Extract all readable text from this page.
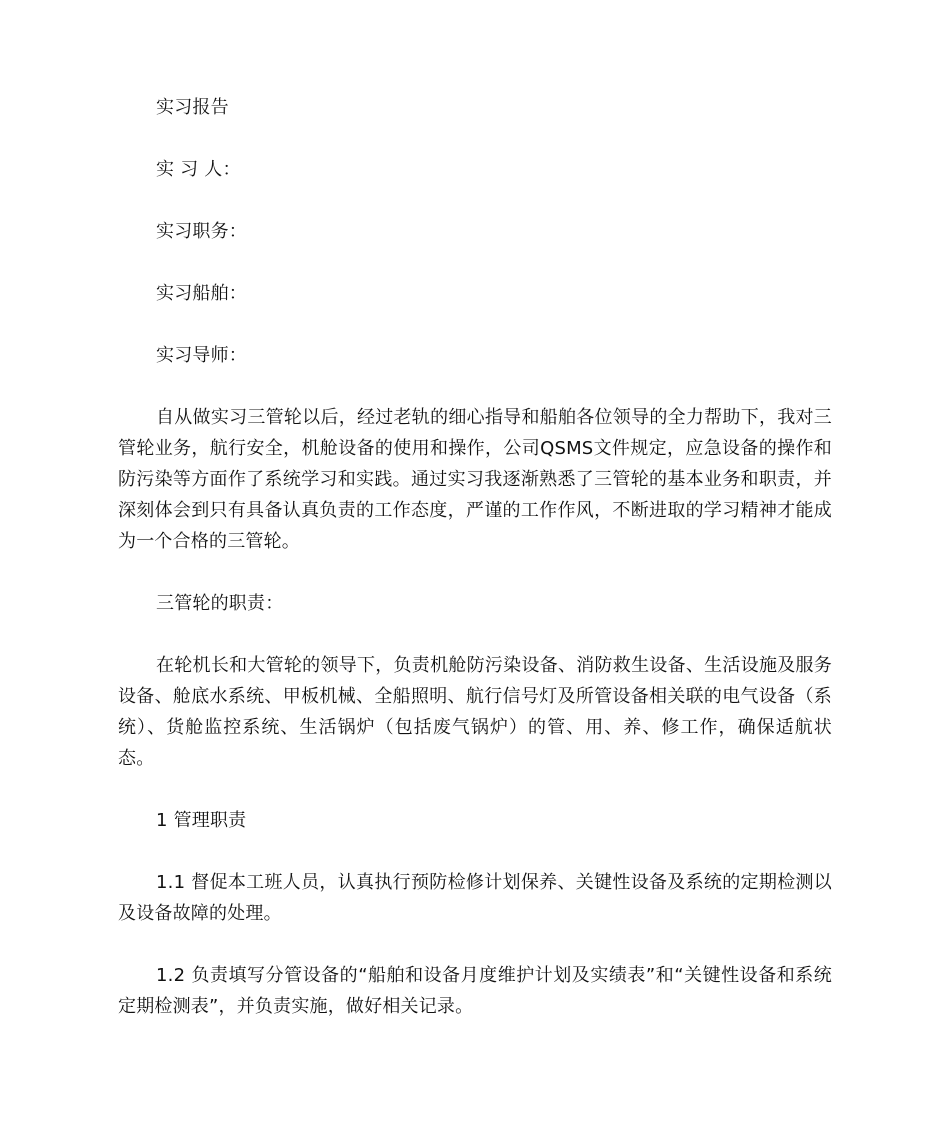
实习报告

实 习 人：

实习职务：

实习船舶：

实习导师：

自从做实习三管轮以后，经过老轨的细心指导和船舶各位领导的全力帮助下，我对三管轮业务，航行安全，机舱设备的使用和操作，公司QSMS文件规定，应急设备的操作和防污染等方面作了系统学习和实践。通过实习我逐渐熟悉了三管轮的基本业务和职责，并深刻体会到只有具备认真负责的工作态度，严谨的工作作风，不断进取的学习精神才能成为一个合格的三管轮。

三管轮的职责：

在轮机长和大管轮的领导下，负责机舱防污染设备、消防救生设备、生活设施及服务设备、舱底水系统、甲板机械、全船照明、航行信号灯及所管设备相关联的电气设备（系统）、货舱监控系统、生活锅炉（包括废气锅炉）的管、用、养、修工作，确保适航状态。

1 管理职责

1.1 督促本工班人员，认真执行预防检修计划保养、关键性设备及系统的定期检测以及设备故障的处理。

1.2 负责填写分管设备的“船舶和设备月度维护计划及实绩表”和“关键性设备和系统定期检测表”，并负责实施，做好相关记录。
